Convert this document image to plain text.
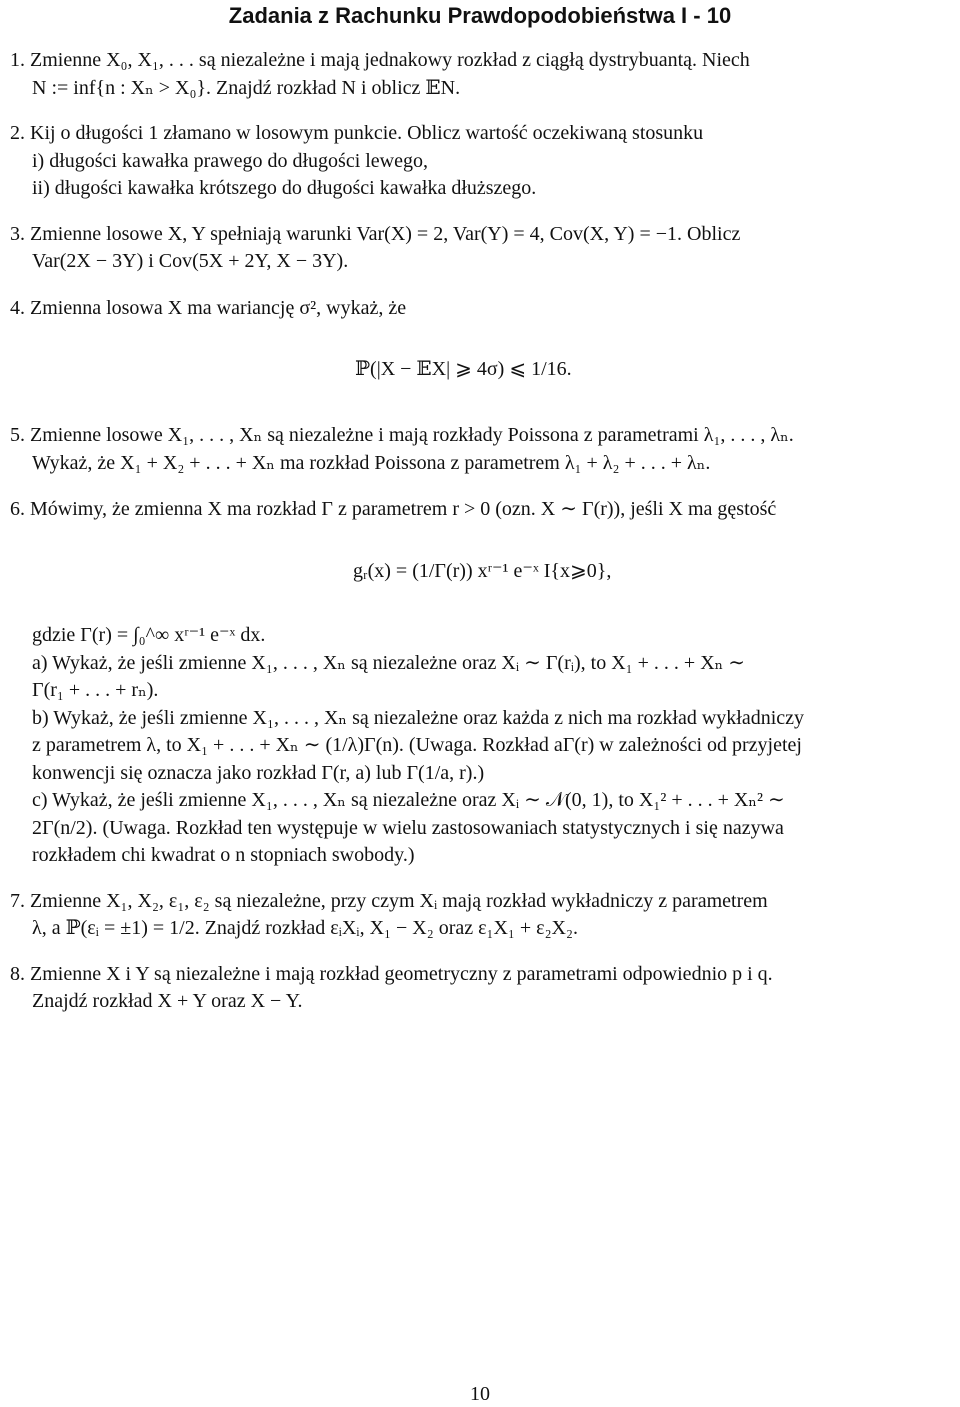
Zadania z Rachunku Prawdopodobieństwa I - 10
1. Zmienne X₀, X₁, . . . są niezależne i mają jednakowy rozkład z ciągłą dystrybuantą. Niech
N := inf{n : Xₙ > X₀}. Znajdź rozkład N i oblicz 𝔼N.
2. Kij o długości 1 złamano w losowym punkcie. Oblicz wartość oczekiwaną stosunku
i) długości kawałka prawego do długości lewego,
ii) długości kawałka krótszego do długości kawałka dłuższego.
3. Zmienne losowe X, Y spełniają warunki Var(X) = 2, Var(Y) = 4, Cov(X, Y) = −1. Oblicz
Var(2X − 3Y) i Cov(5X + 2Y, X − 3Y).
4. Zmienna losowa X ma wariancję σ², wykaż, że
ℙ(|X − 𝔼X| ⩾ 4σ) ⩽ 1/16.
5. Zmienne losowe X₁, . . . , Xₙ są niezależne i mają rozkłady Poissona z parametrami λ₁, . . . , λₙ.
Wykaż, że X₁ + X₂ + . . . + Xₙ ma rozkład Poissona z parametrem λ₁ + λ₂ + . . . + λₙ.
6. Mówimy, że zmienna X ma rozkład Γ z parametrem r > 0 (ozn. X ∼ Γ(r)), jeśli X ma gęstość
gᵣ(x) = (1/Γ(r)) xʳ⁻¹ e⁻ˣ I{x⩾0},
gdzie Γ(r) = ∫₀^∞ xʳ⁻¹ e⁻ˣ dx.
a) Wykaż, że jeśli zmienne X₁, . . . , Xₙ są niezależne oraz Xᵢ ∼ Γ(rᵢ), to X₁ + . . . + Xₙ ∼
Γ(r₁ + . . . + rₙ).
b) Wykaż, że jeśli zmienne X₁, . . . , Xₙ są niezależne oraz każda z nich ma rozkład wykładniczy
z parametrem λ, to X₁ + . . . + Xₙ ∼ (1/λ)Γ(n). (Uwaga. Rozkład aΓ(r) w zależności od przyjetej
konwencji się oznacza jako rozkład Γ(r, a) lub Γ(1/a, r).)
c) Wykaż, że jeśli zmienne X₁, . . . , Xₙ są niezależne oraz Xᵢ ∼ 𝒩(0, 1), to X₁² + . . . + Xₙ² ∼
2Γ(n/2). (Uwaga. Rozkład ten występuje w wielu zastosowaniach statystycznych i się nazywa
rozkładem chi kwadrat o n stopniach swobody.)
7. Zmienne X₁, X₂, ε₁, ε₂ są niezależne, przy czym Xᵢ mają rozkład wykładniczy z parametrem
λ, a ℙ(εᵢ = ±1) = 1/2. Znajdź rozkład εᵢXᵢ, X₁ − X₂ oraz ε₁X₁ + ε₂X₂.
8. Zmienne X i Y są niezależne i mają rozkład geometryczny z parametrami odpowiednio p i q.
Znajdź rozkład X + Y oraz X − Y.
10
